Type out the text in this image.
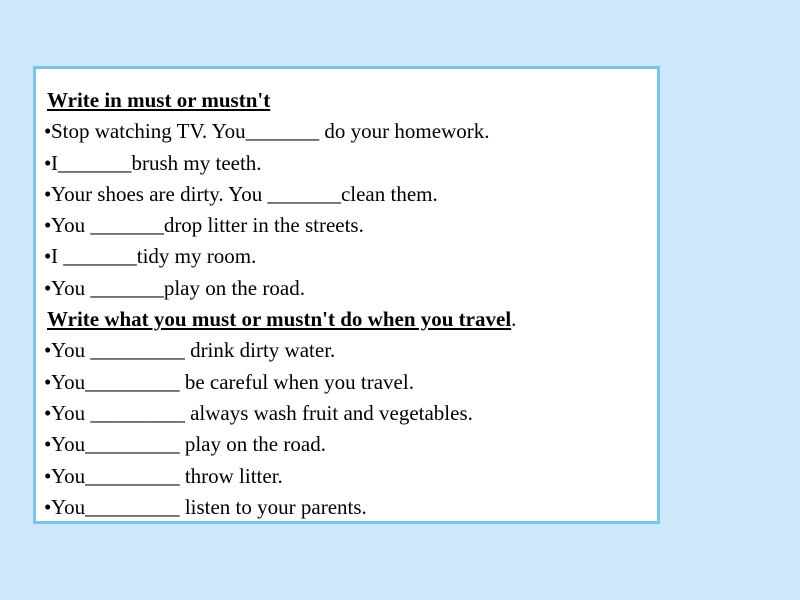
Write in must or mustn't
•Stop watching TV. You_______ do your homework.
•I_______brush my teeth.
•Your shoes are dirty. You _______clean them.
•You _______drop litter in the streets.
•I _______tidy my room.
•You _______play on the road.
Write what you must or mustn't do when you travel.
•You _________ drink dirty water.
•You_________ be careful when you travel.
•You _________ always wash fruit and vegetables.
•You_________ play on the road.
•You_________ throw litter.
•You_________ listen to your parents.
